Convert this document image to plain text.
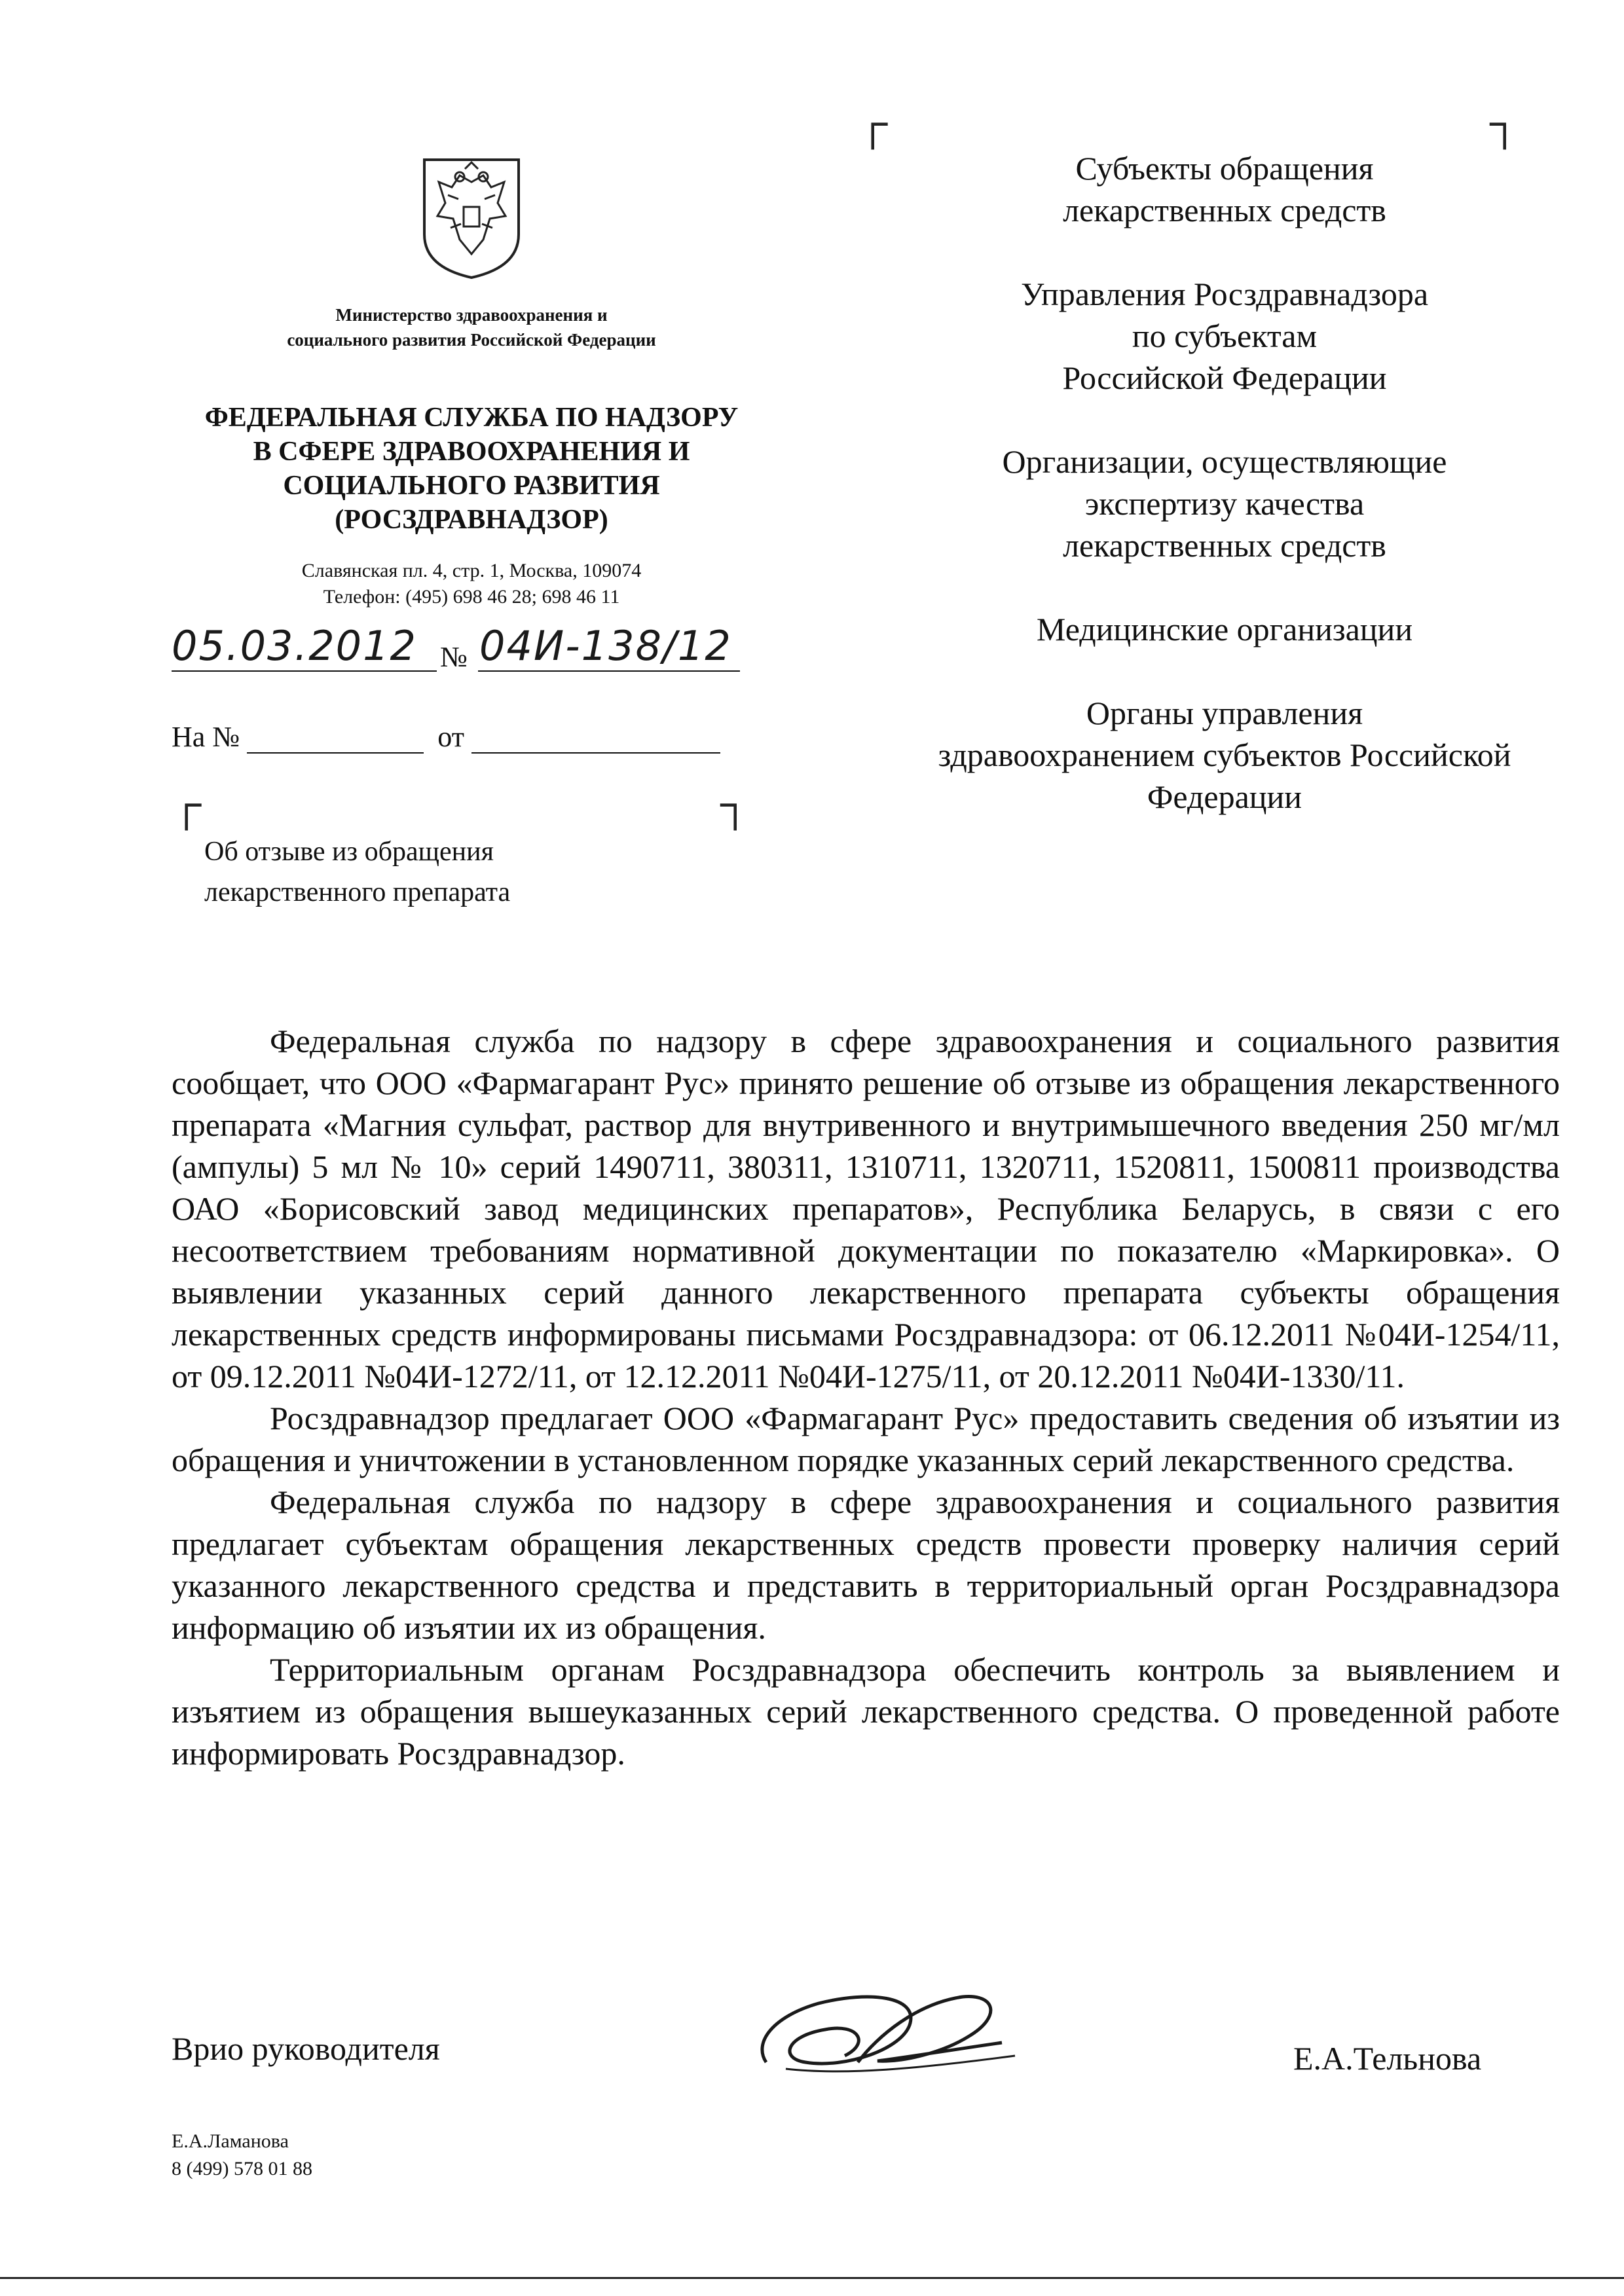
Министерство здравоохранения и
социального развития Российской Федерации
ФЕДЕРАЛЬНАЯ СЛУЖБА ПО НАДЗОРУ
В СФЕРЕ ЗДРАВООХРАНЕНИЯ И
СОЦИАЛЬНОГО РАЗВИТИЯ
(РОСЗДРАВНАДЗОР)
Славянская пл. 4, стр. 1, Москва, 109074
Телефон: (495) 698 46 28; 698 46 11
05.03.2012 № 04И-138/12
На №	от
┌	┐
┌	┐
Об отзыве из обращения
лекарственного препарата

Субъекты обращения
лекарственных средств

Управления Росздравнадзора
по субъектам
Российской Федерации

Организации, осуществляющие
экспертизу качества
лекарственных средств

Медицинские организации

Органы управления
здравоохранением субъектов Российской
Федерации

Федеральная служба по надзору в сфере здравоохранения и социального развития сообщает, что ООО «Фармагарант Рус» принято решение об отзыве из обращения лекарственного препарата «Магния сульфат, раствор для внутривенного и внутримышечного введения 250 мг/мл (ампулы) 5 мл № 10» серий 1490711, 380311, 1310711, 1320711, 1520811, 1500811 производства ОАО «Борисовский завод медицинских препаратов», Республика Беларусь, в связи с его несоответствием требованиям нормативной документации по показателю «Маркировка». О выявлении указанных серий данного лекарственного препарата субъекты обращения лекарственных средств информированы письмами Росздравнадзора: от 06.12.2011 №04И-1254/11, от 09.12.2011 №04И-1272/11, от 12.12.2011 №04И-1275/11, от 20.12.2011 №04И-1330/11.

Росздравнадзор предлагает ООО «Фармагарант Рус» предоставить сведения об изъятии из обращения и уничтожении в установленном порядке указанных серий лекарственного средства.

Федеральная служба по надзору в сфере здравоохранения и социального развития предлагает субъектам обращения лекарственных средств провести проверку наличия серий указанного лекарственного средства и представить в территориальный орган Росздравнадзора информацию об изъятии их из обращения.

Территориальным органам Росздравнадзора обеспечить контроль за выявлением и изъятием из обращения вышеуказанных серий лекарственного средства. О проведенной работе информировать Росздравнадзор.

Врио руководителя	Е.А.Тельнова
Е.А.Ламанова
8 (499) 578 01 88
